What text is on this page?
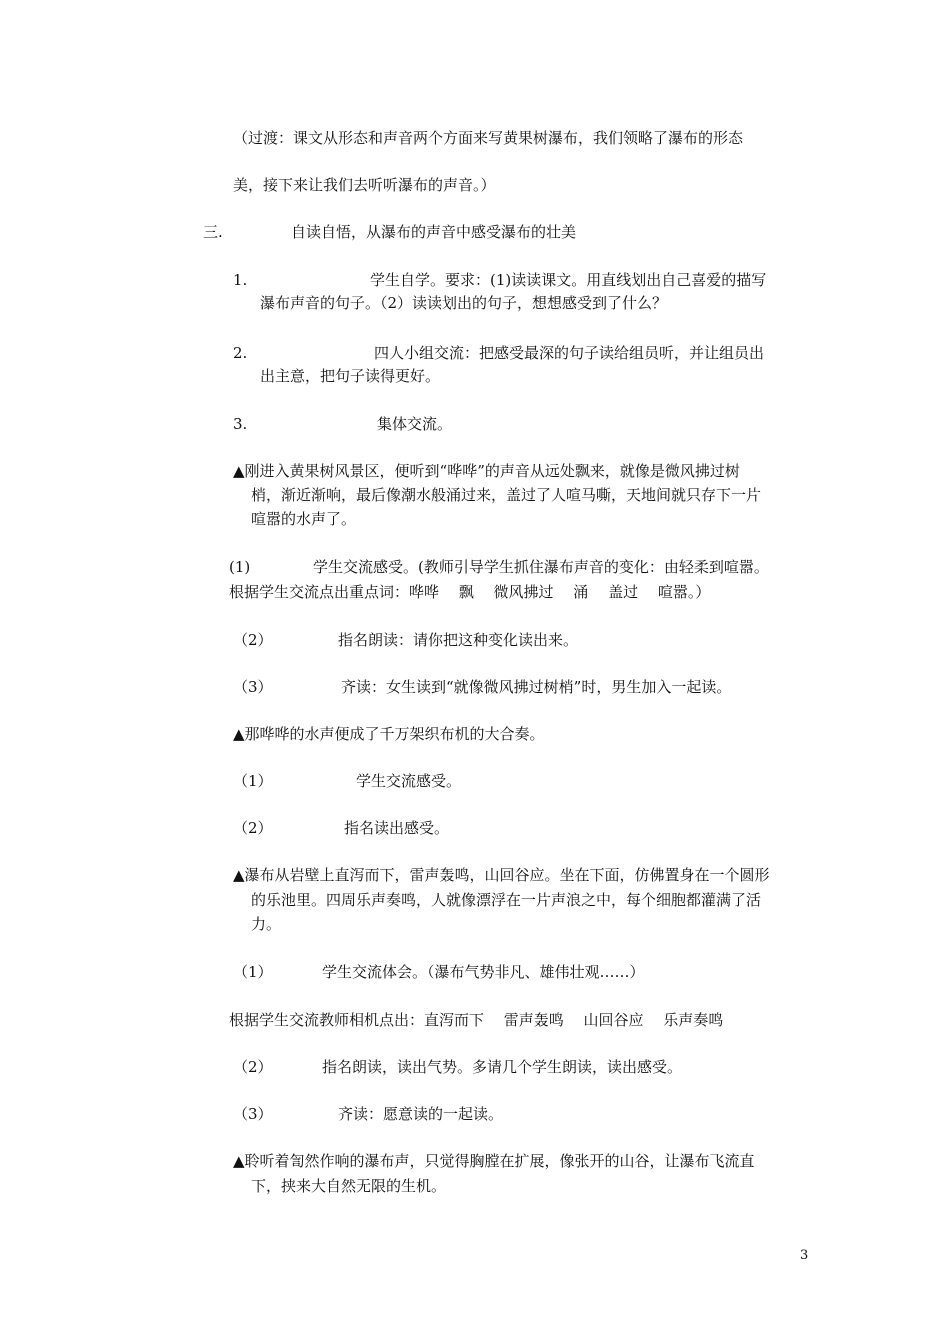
（过渡：课文从形态和声音两个方面来写黄果树瀑布，我们领略了瀑布的形态
美，接下来让我们去听听瀑布的声音。）
三.	自读自悟，从瀑布的声音中感受瀑布的壮美
1.	学生自学。要求：(1)读读课文。用直线划出自己喜爱的描写
瀑布声音的句子。（2）读读划出的句子，想想感受到了什么？
2.	四人小组交流：把感受最深的句子读给组员听，并让组员出
出主意，把句子读得更好。
3.	集体交流。
▲刚进入黄果树风景区，便听到“哗哗”的声音从远处飘来，就像是微风拂过树
梢，渐近渐响，最后像潮水般涌过来，盖过了人喧马嘶，天地间就只存下一片
喧嚣的水声了。
(1)	学生交流感受。(教师引导学生抓住瀑布声音的变化：由轻柔到喧嚣。
根据学生交流点出重点词：哗哗　 飘　 微风拂过　 涌　 盖过　 喧嚣。）
（2）	指名朗读：请你把这种变化读出来。
（3）	齐读：女生读到“就像微风拂过树梢”时，男生加入一起读。
▲那哗哗的水声便成了千万架织布机的大合奏。
（1）	学生交流感受。
（2）	指名读出感受。
▲瀑布从岩壁上直泻而下，雷声轰鸣，山回谷应。坐在下面，仿佛置身在一个圆形
的乐池里。四周乐声奏鸣，人就像漂浮在一片声浪之中，每个细胞都灌满了活
力。
（1）	学生交流体会。（瀑布气势非凡、雄伟壮观……）
根据学生交流教师相机点出：直泻而下　 雷声轰鸣　 山回谷应　 乐声奏鸣
（2）	指名朗读，读出气势。多请几个学生朗读，读出感受。
（3）	齐读：愿意读的一起读。
▲聆听着訇然作响的瀑布声，只觉得胸膛在扩展，像张开的山谷，让瀑布飞流直
下，挟来大自然无限的生机。
3
